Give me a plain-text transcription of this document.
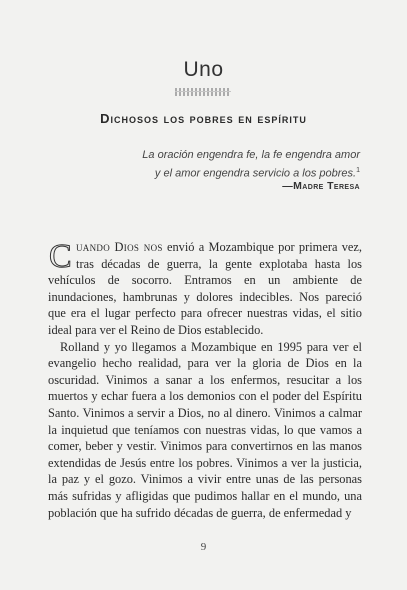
Uno
Dichosos los pobres en espíritu
La oración engendra fe, la fe engendra amor
y el amor engendra servicio a los pobres.$^1$
—Madre Teresa

C uando Dios nos envió a Mozambique por primera vez, tras décadas de guerra, la gente explotaba hasta los vehículos de socorro. Entramos en un ambiente de inundaciones, hambrunas y dolores indecibles. Nos pareció que era el lugar perfecto para ofrecer nuestras vidas, el sitio ideal para ver el Reino de Dios establecido.

Rolland y yo llegamos a Mozambique en 1995 para ver el evangelio hecho realidad, para ver la gloria de Dios en la oscuridad. Vinimos a sanar a los enfermos, resucitar a los muertos y echar fuera a los demonios con el poder del Espíritu Santo. Vinimos a servir a Dios, no al dinero. Vinimos a calmar la inquietud que teníamos con nuestras vidas, lo que vamos a comer, beber y vestir. Vinimos para convertirnos en las manos extendidas de Jesús entre los pobres. Vinimos a ver la justicia, la paz y el gozo. Vinimos a vivir entre unas de las personas más sufridas y afligidas que pudimos hallar en el mundo, una población que ha sufrido décadas de guerra, de enfermedad y

9
